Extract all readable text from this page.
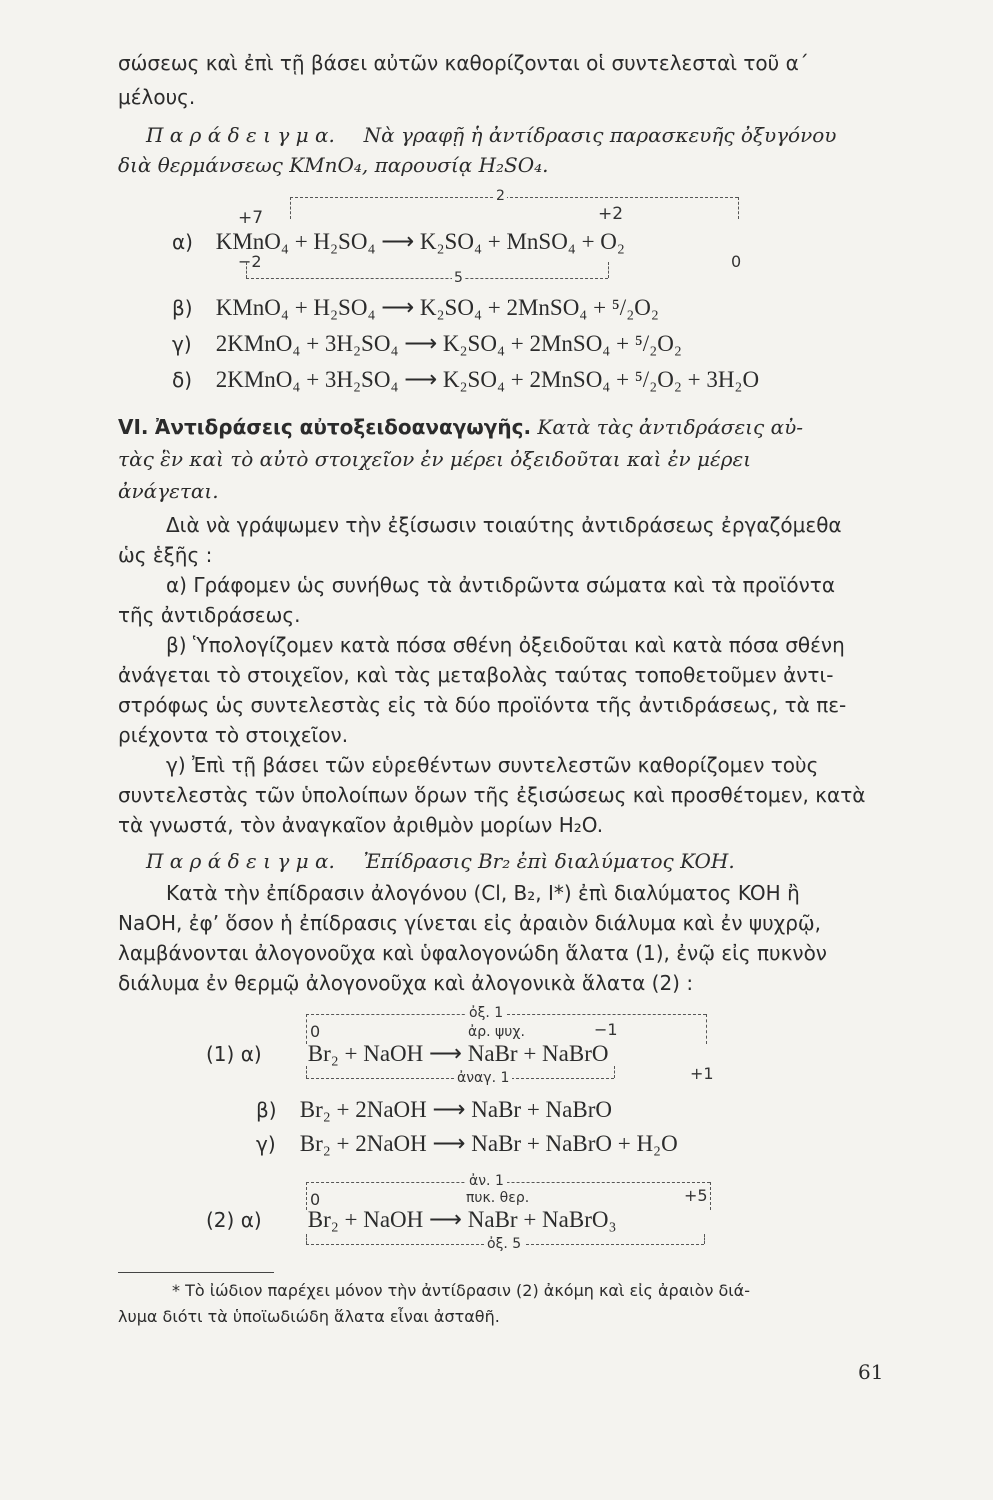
σώσεως καὶ ἐπὶ τῇ βάσει αὐτῶν καθορίζονται οἱ συντελεσταὶ τοῦ α΄
μέλους.
Π α ρ ά δ ε ι γ μ α. Νὰ γραφῇ ἡ ἀντίδρασις παρασκευῆς ὀξυγόνου
διὰ θερμάνσεως KMnO₄, παρουσίᾳ H₂SO₄.
2
+7	+2
α) KMnO₄ + H₂SO₄ ⟶ K₂SO₄ + MnSO₄ + O₂
−2	0
5
β) KMnO₄ + H₂SO₄ ⟶ K₂SO₄ + 2MnSO₄ + ⁵/₂O₂
γ) 2KMnO₄ + 3H₂SO₄ ⟶ K₂SO₄ + 2MnSO₄ + ⁵/₂O₂
δ) 2KMnO₄ + 3H₂SO₄ ⟶ K₂SO₄ + 2MnSO₄ + ⁵/₂O₂ + 3H₂O
VI. Ἀντιδράσεις αὐτοξειδοαναγωγῆς. Κατὰ τὰς ἀντιδράσεις αὐ-
τὰς ἓν καὶ τὸ αὐτὸ στοιχεῖον ἐν μέρει ὀξειδοῦται καὶ ἐν μέρει
ἀνάγεται.
Διὰ νὰ γράψωμεν τὴν ἐξίσωσιν τοιαύτης ἀντιδράσεως ἐργαζόμεθα
ὡς ἑξῆς :
α) Γράφομεν ὡς συνήθως τὰ ἀντιδρῶντα σώματα καὶ τὰ προϊόντα
τῆς ἀντιδράσεως.
β) Ὑπολογίζομεν κατὰ πόσα σθένη ὀξειδοῦται καὶ κατὰ πόσα σθένη
ἀνάγεται τὸ στοιχεῖον, καὶ τὰς μεταβολὰς ταύτας τοποθετοῦμεν ἀντι-
στρόφως ὡς συντελεστὰς εἰς τὰ δύο προϊόντα τῆς ἀντιδράσεως, τὰ πε-
ριέχοντα τὸ στοιχεῖον.
γ) Ἐπὶ τῇ βάσει τῶν εὑρεθέντων συντελεστῶν καθορίζομεν τοὺς
συντελεστὰς τῶν ὑπολοίπων ὅρων τῆς ἐξισώσεως καὶ προσθέτομεν, κατὰ
τὰ γνωστά, τὸν ἀναγκαῖον ἀριθμὸν μορίων H₂O.
Π α ρ ά δ ε ι γ μ α. Ἐπίδρασις Br₂ ἐπὶ διαλύματος KOH.
Κατὰ τὴν ἐπίδρασιν ἀλογόνου (Cl, B₂, I*) ἐπὶ διαλύματος KOH ἢ
NaOH, ἐφ’ ὅσον ἡ ἐπίδρασις γίνεται εἰς ἀραιὸν διάλυμα καὶ ἐν ψυχρῷ,
λαμβάνονται ἀλογονοῦχα καὶ ὑφαλογονώδη ἅλατα (1), ἐνῷ εἰς πυκνὸν
διάλυμα ἐν θερμῷ ἀλογονοῦχα καὶ ἀλογονικὰ ἅλατα (2) :
ὀξ. 1
0	ἀρ. ψυχ.	−1
(1) α) Br₂ + NaOH ⟶ NaBr + NaBrO
ἀναγ. 1	+1
β) Br₂ + 2NaOH ⟶ NaBr + NaBrO
γ) Br₂ + 2NaOH ⟶ NaBr + NaBrO + H₂O
ἀν. 1
0	πυκ. θερ.	+5
(2) α) Br₂ + NaOH ⟶ NaBr + NaBrO₃
ὀξ. 5
* Τὸ ἰώδιον παρέχει μόνον τὴν ἀντίδρασιν (2) ἀκόμη καὶ εἰς ἀραιὸν διά-
λυμα διότι τὰ ὑποϊωδιώδη ἅλατα εἶναι ἀσταθῆ.
61
